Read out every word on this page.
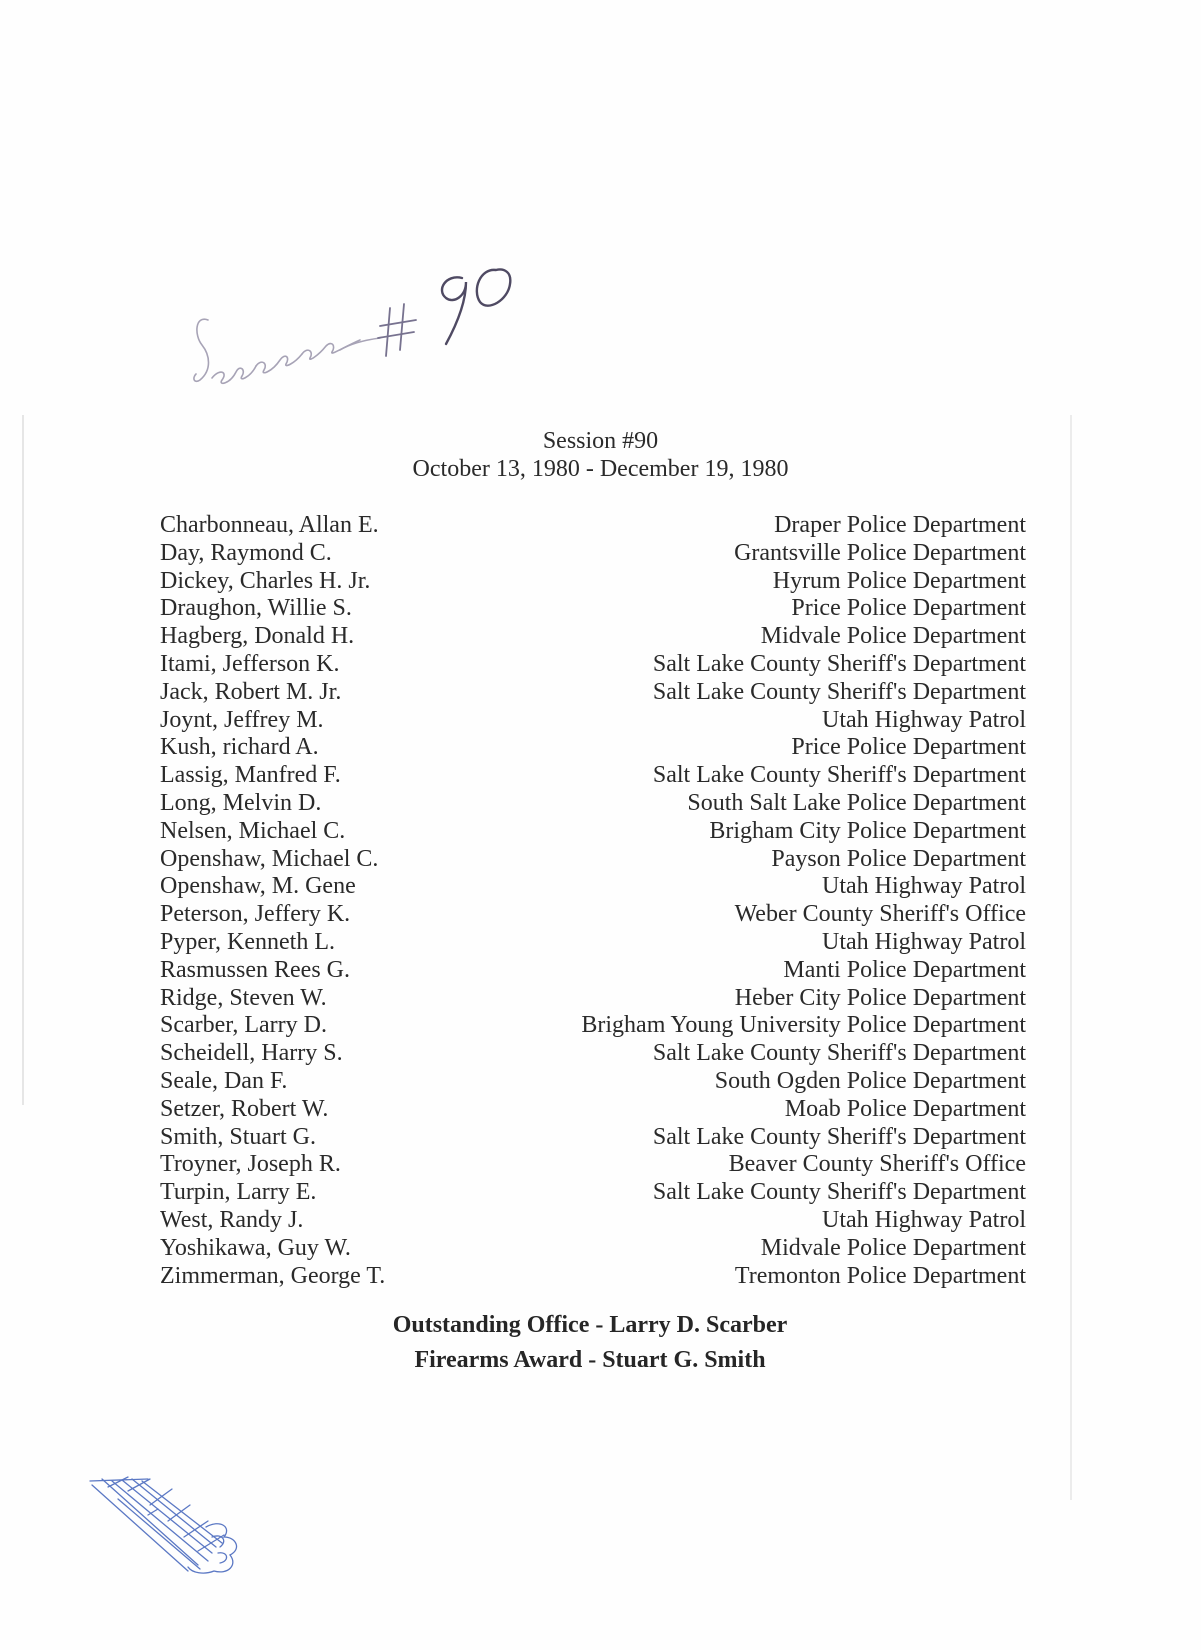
Session #90
October 13, 1980 - December 19, 1980
Charbonneau, Allan E.	Draper Police Department
Day, Raymond C.	Grantsville Police Department
Dickey, Charles H. Jr.	Hyrum Police Department
Draughon, Willie S.	Price Police Department
Hagberg, Donald H.	Midvale Police Department
Itami, Jefferson K.	Salt Lake County Sheriff's Department
Jack, Robert M. Jr.	Salt Lake County Sheriff's Department
Joynt, Jeffrey M.	Utah Highway Patrol
Kush, richard A.	Price Police Department
Lassig, Manfred F.	Salt Lake County Sheriff's Department
Long, Melvin D.	South Salt Lake Police Department
Nelsen, Michael C.	Brigham City Police Department
Openshaw, Michael C.	Payson Police Department
Openshaw, M. Gene	Utah Highway Patrol
Peterson, Jeffery K.	Weber County Sheriff's Office
Pyper, Kenneth L.	Utah Highway Patrol
Rasmussen Rees G.	Manti Police Department
Ridge, Steven W.	Heber City Police Department
Scarber, Larry D.	Brigham Young University Police Department
Scheidell, Harry S.	Salt Lake County Sheriff's Department
Seale, Dan F.	South Ogden Police Department
Setzer, Robert W.	Moab Police Department
Smith, Stuart G.	Salt Lake County Sheriff's Department
Troyner, Joseph R.	Beaver County Sheriff's Office
Turpin, Larry E.	Salt Lake County Sheriff's Department
West, Randy J.	Utah Highway Patrol
Yoshikawa, Guy W.	Midvale Police Department
Zimmerman, George T.	Tremonton Police Department
Outstanding Office - Larry D. Scarber
Firearms Award - Stuart G. Smith
